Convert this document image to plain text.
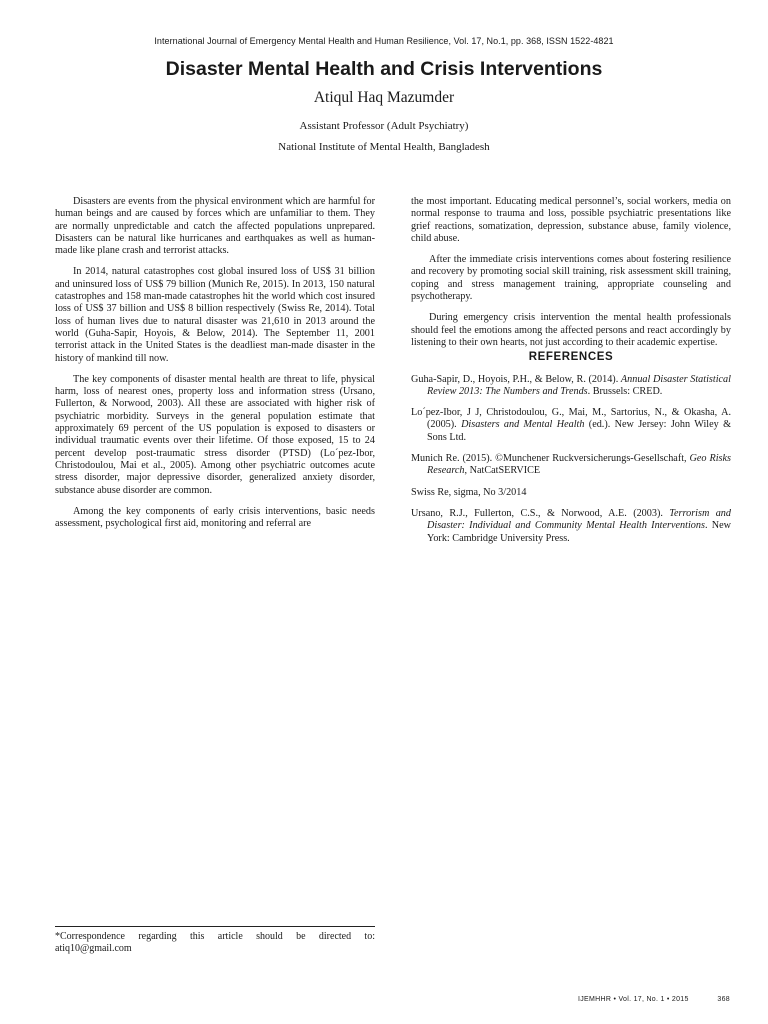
International Journal of Emergency Mental Health and Human Resilience, Vol. 17, No.1, pp. 368, ISSN 1522-4821
Disaster Mental Health and Crisis Interventions
Atiqul Haq Mazumder
Assistant Professor (Adult Psychiatry)
National Institute of Mental Health, Bangladesh

Disasters are events from the physical environment which are harmful for human beings and are caused by forces which are unfamiliar to them. They are normally unpredictable and catch the affected populations unprepared. Disasters can be natural like hurricanes and earthquakes as well as human-made like plane crash and terrorist attacks.

In 2014, natural catastrophes cost global insured loss of US$ 31 billion and uninsured loss of US$ 79 billion (Munich Re, 2015). In 2013, 150 natural catastrophes and 158 man-made catastrophes hit the world which cost insured loss of US$ 37 billion and US$ 8 billion respectively (Swiss Re, 2014). Total loss of human lives due to natural disaster was 21,610 in 2013 around the world (Guha-Sapir, Hoyois, & Below, 2014). The September 11, 2001 terrorist attack in the United States is the deadliest man-made disaster in the history of mankind till now.

The key components of disaster mental health are threat to life, physical harm, loss of nearest ones, property loss and information stress (Ursano, Fullerton, & Norwood, 2003). All these are associated with higher risk of psychiatric morbidity. Surveys in the general population estimate that approximately 69 percent of the US population is exposed to disasters or individual traumatic events over their lifetime. Of those exposed, 15 to 24 percent develop post-traumatic stress disorder (PTSD) (Lo´pez-Ibor, Christodoulou, Mai et al., 2005). Among other psychiatric outcomes acute stress disorder, major depressive disorder, generalized anxiety disorder, substance abuse disorder are common.

Among the key components of early crisis interventions, basic needs assessment, psychological first aid, monitoring and referral are

the most important. Educating medical personnel’s, social workers, media on normal response to trauma and loss, possible psychiatric presentations like grief reactions, somatization, depression, substance abuse, family violence, child abuse.

After the immediate crisis interventions comes about fostering resilience and recovery by promoting social skill training, risk assessment skill training, coping and stress management training, appropriate counseling and psychotherapy.

During emergency crisis intervention the mental health professionals should feel the emotions among the affected persons and react accordingly by listening to their own hearts, not just according to their academic expertise.

REFERENCES
Guha-Sapir, D., Hoyois, P.H., & Below, R. (2014). Annual Disaster Statistical Review 2013: The Numbers and Trends. Brussels: CRED.
Lo´pez-Ibor, J J, Christodoulou, G., Mai, M., Sartorius, N., & Okasha, A. (2005). Disasters and Mental Health (ed.). New Jersey: John Wiley & Sons Ltd.
Munich Re. (2015). ©Munchener Ruckversicherungs-Gesellschaft, Geo Risks Research, NatCatSERVICE
Swiss Re, sigma, No 3/2014
Ursano, R.J., Fullerton, C.S., & Norwood, A.E. (2003). Terrorism and Disaster: Individual and Community Mental Health Interventions. New York: Cambridge University Press.
*Correspondence regarding this article should be directed to: atiq10@gmail.com
IJEMHHR • Vol. 17, No. 1 • 2015	368
